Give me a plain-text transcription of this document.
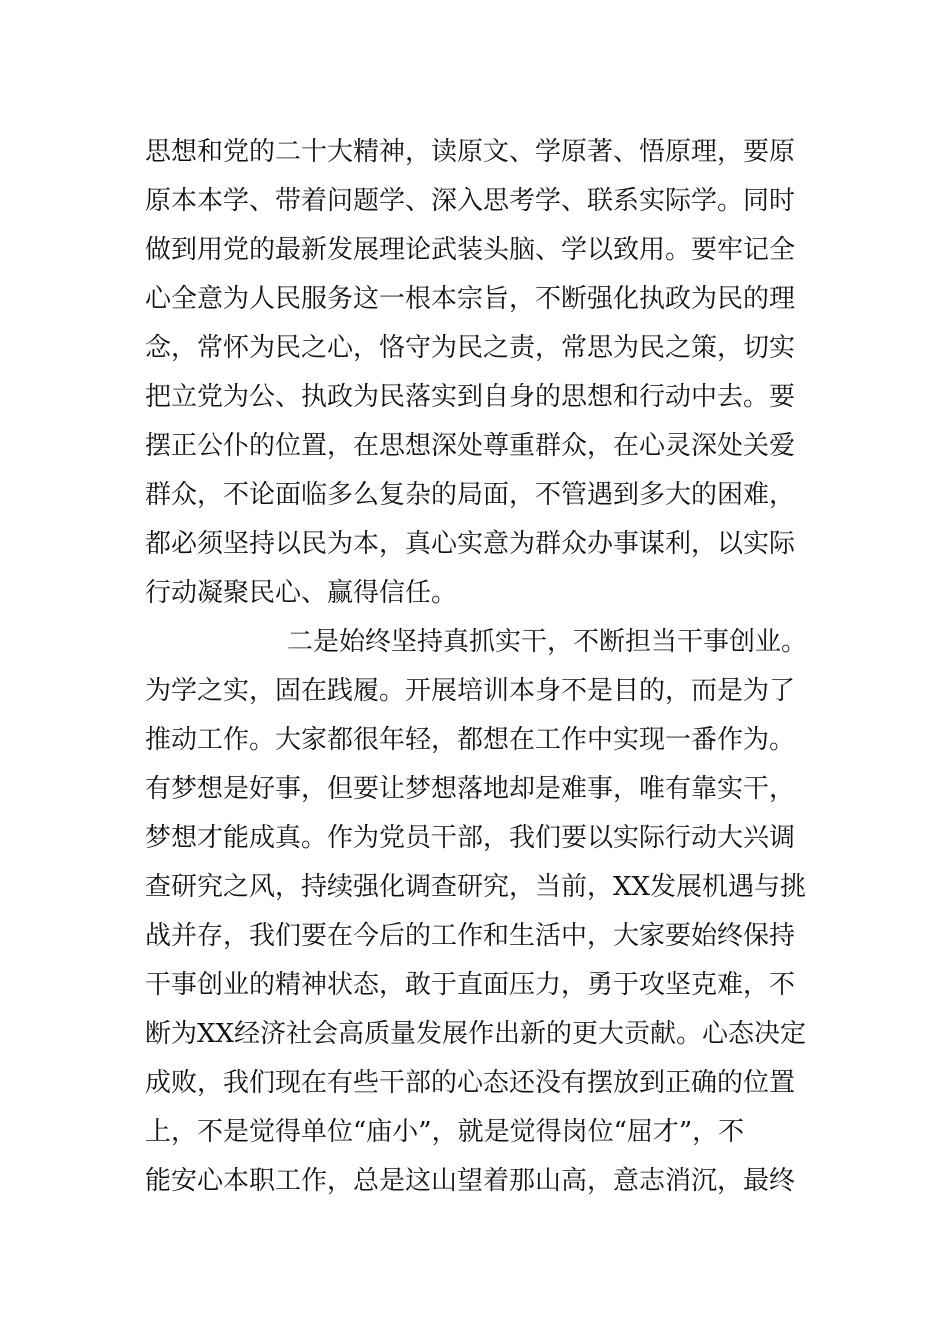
思想和党的二十大精神，读原文、学原著、悟原理，要原
原本本学、带着问题学、深入思考学、联系实际学。同时
做到用党的最新发展理论武装头脑、学以致用。要牢记全
心全意为人民服务这一根本宗旨，不断强化执政为民的理
念，常怀为民之心，恪守为民之责，常思为民之策，切实
把立党为公、执政为民落实到自身的思想和行动中去。要
摆正公仆的位置，在思想深处尊重群众，在心灵深处关爱
群众，不论面临多么复杂的局面，不管遇到多大的困难，
都必须坚持以民为本，真心实意为群众办事谋利，以实际
行动凝聚民心、赢得信任。
二是始终坚持真抓实干，不断担当干事创业。
为学之实，固在践履。开展培训本身不是目的，而是为了
推动工作。大家都很年轻，都想在工作中实现一番作为。
有梦想是好事，但要让梦想落地却是难事，唯有靠实干，
梦想才能成真。作为党员干部，我们要以实际行动大兴调
查研究之风，持续强化调查研究，当前，XX发展机遇与挑
战并存，我们要在今后的工作和生活中，大家要始终保持
干事创业的精神状态，敢于直面压力，勇于攻坚克难，不
断为XX经济社会高质量发展作出新的更大贡献。心态决定
成败，我们现在有些干部的心态还没有摆放到正确的位置
上，不是觉得单位“庙小”，就是觉得岗位“屈才”，不
能安心本职工作，总是这山望着那山高，意志消沉，最终
